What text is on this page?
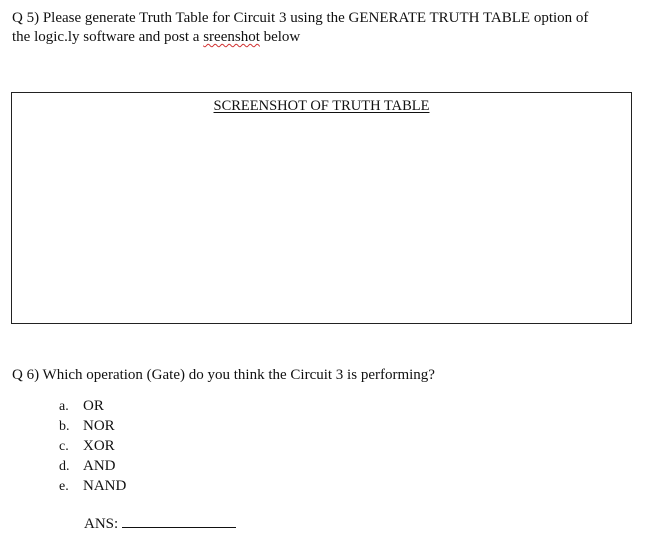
Q 5) Please generate Truth Table for Circuit 3 using the GENERATE TRUTH TABLE option of
the logic.ly software and post a sreenshot below
SCREENSHOT OF TRUTH TABLE
Q 6) Which operation (Gate) do you think the Circuit 3 is performing?
a. OR
b. NOR
c. XOR
d. AND
e. NAND
ANS:
